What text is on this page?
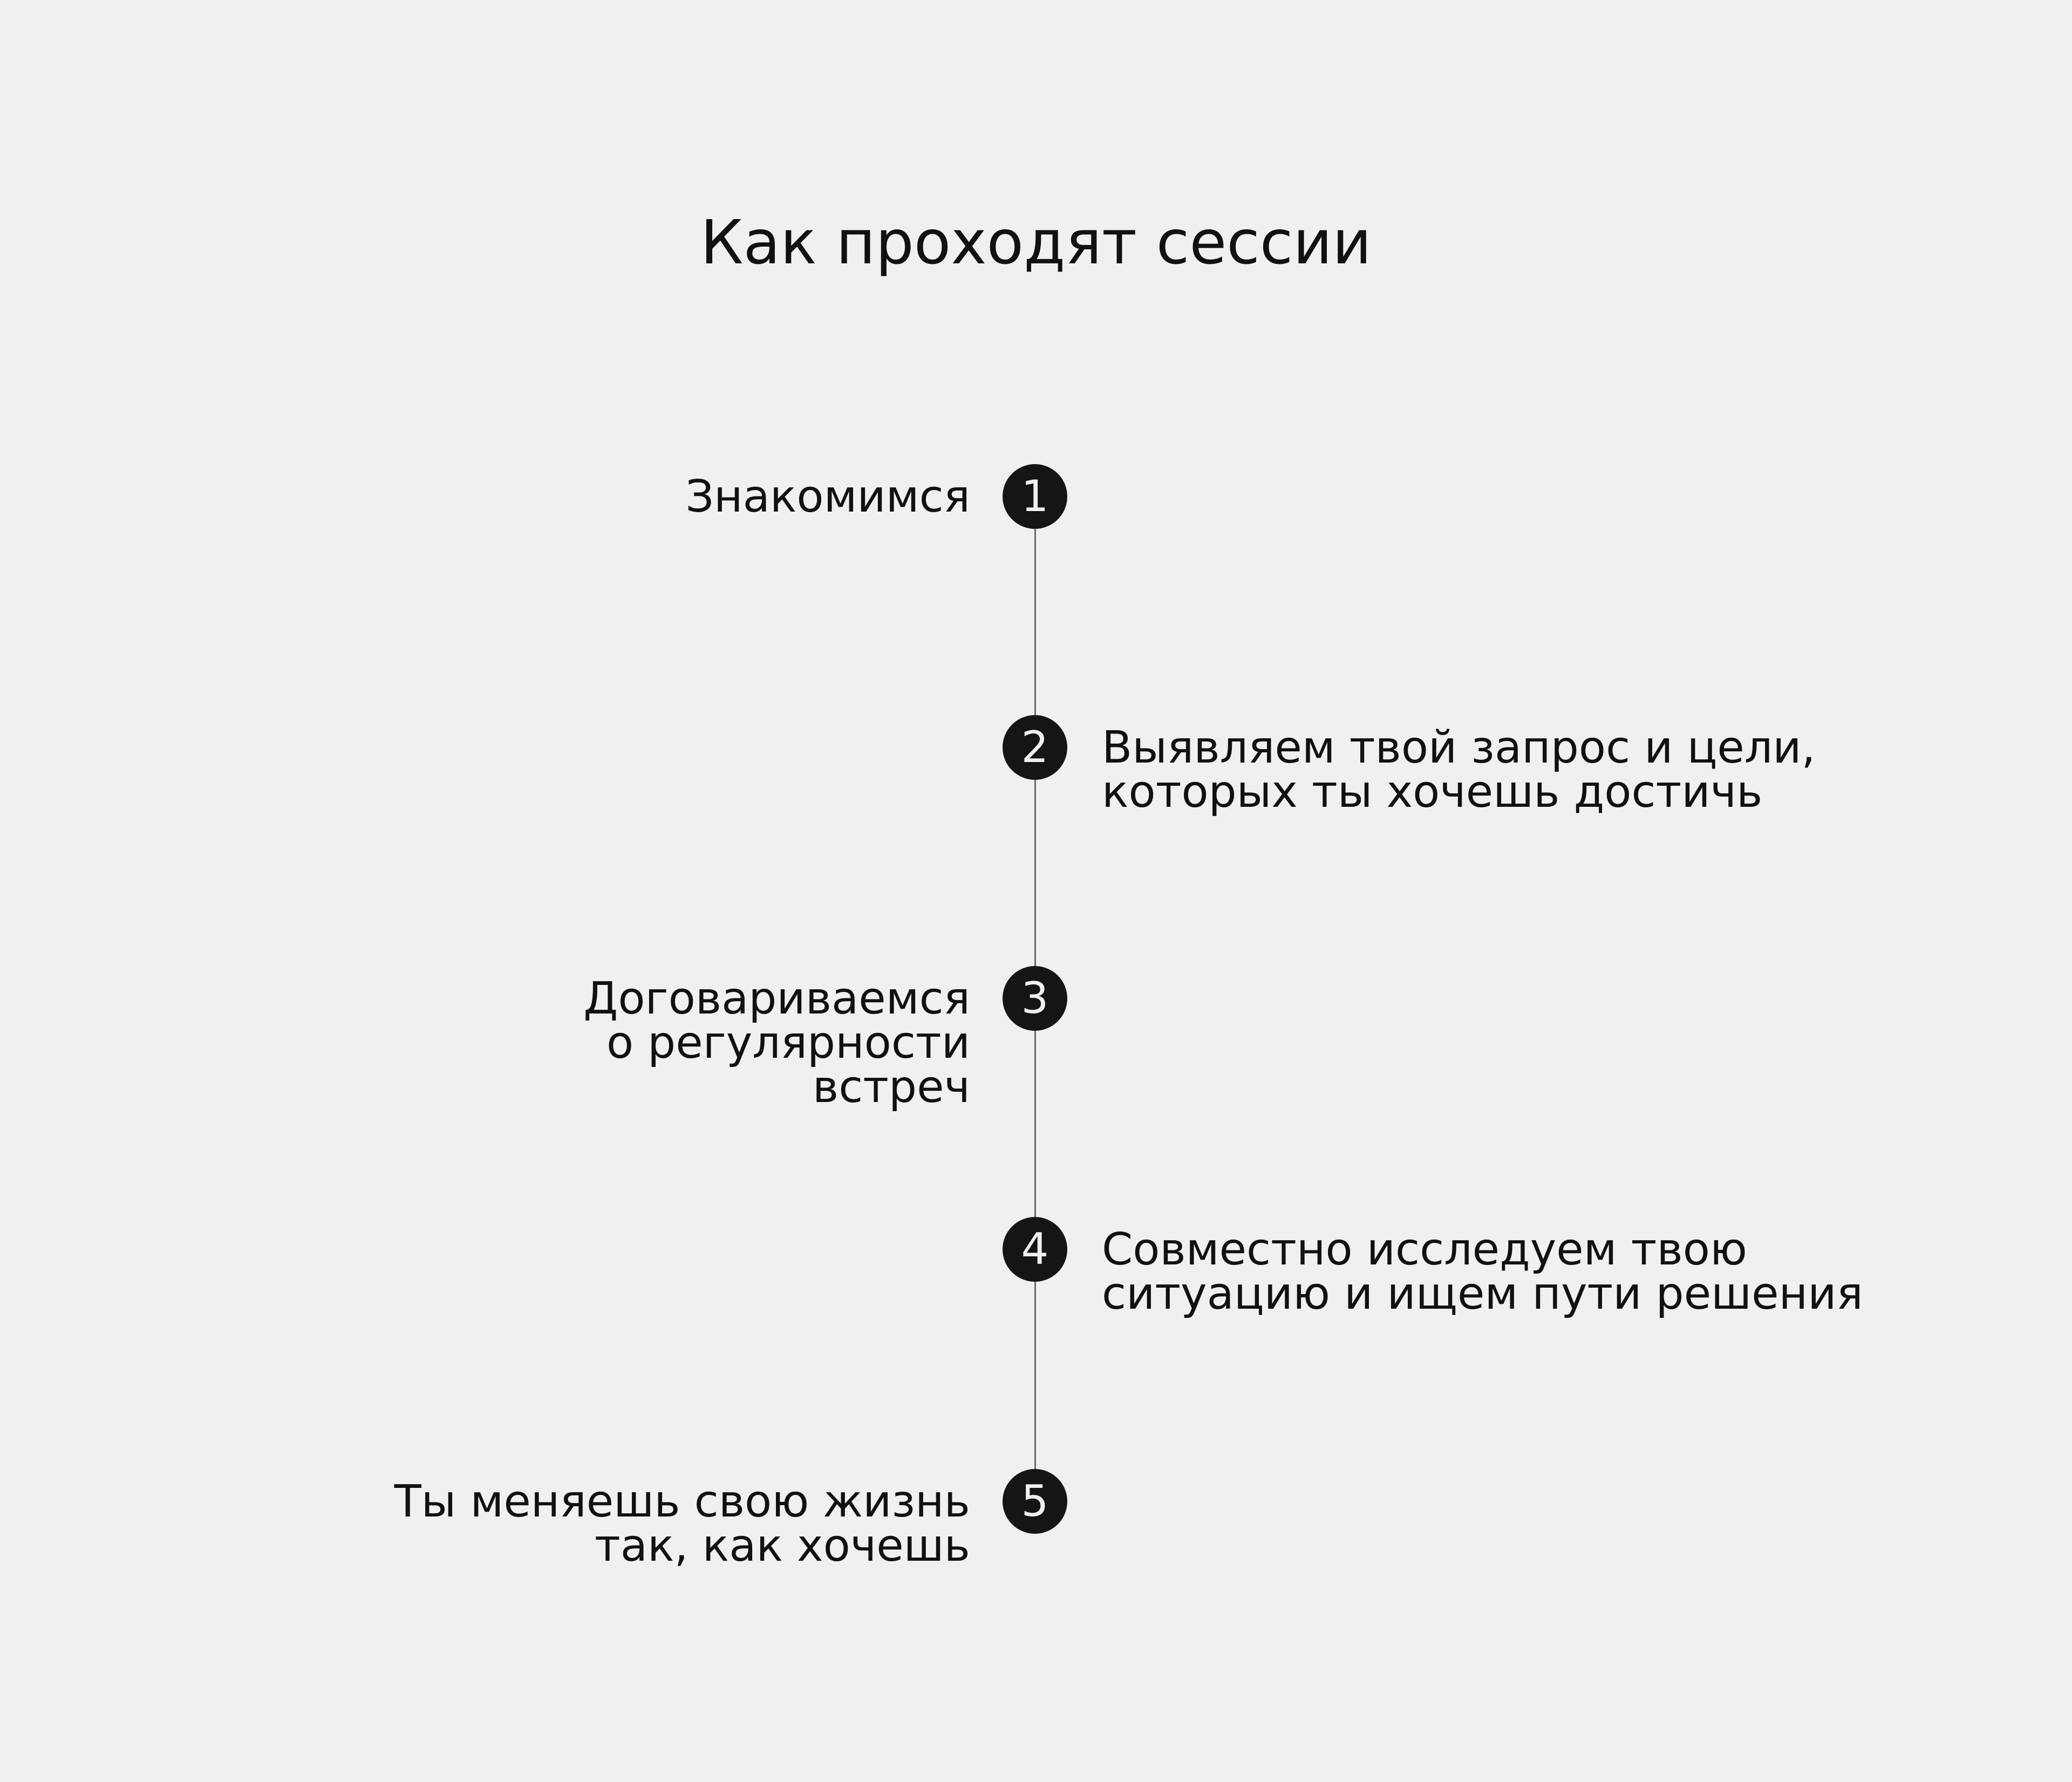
Как проходят сессии
1

Знакомимся

2 Выявляем твой запрос и цели,
которых ты хочешь достичь

3

Договариваемся
о регулярности
встреч

4 Совместно исследуем твою
ситуацию и ищем пути решения

5

Ты меняешь свою жизнь
так, как хочешь
